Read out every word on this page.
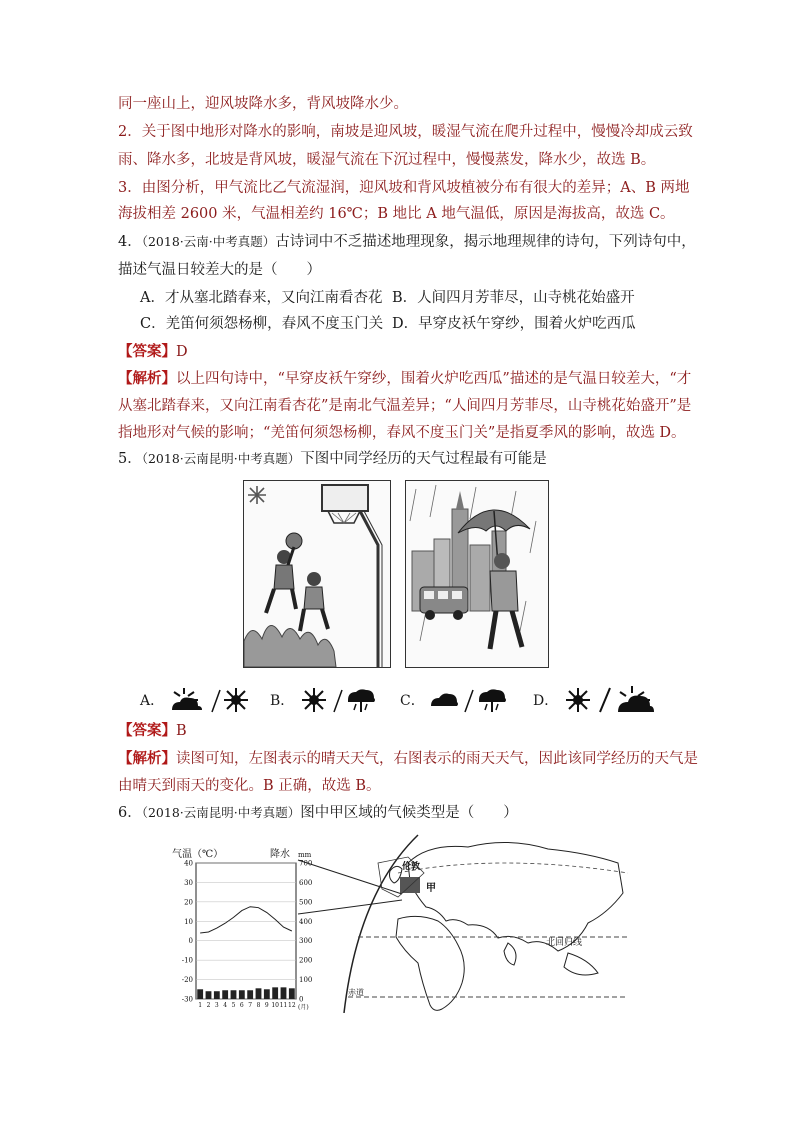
同一座山上，迎风坡降水多，背风坡降水少。
2．关于图中地形对降水的影响，南坡是迎风坡，暖湿气流在爬升过程中，慢慢冷却成云致
雨、降水多，北坡是背风坡，暖湿气流在下沉过程中，慢慢蒸发，降水少，故选 B。
3．由图分析，甲气流比乙气流湿润，迎风坡和背风坡植被分布有很大的差异；A、B 两地
海拔相差 2600 米，气温相差约 16℃；B 地比 A 地气温低，原因是海拔高，故选 C。
4．（2018·云南·中考真题）古诗词中不乏描述地理现象，揭示地理规律的诗句，下列诗句中，
描述气温日较差大的是（　　）
A．才从塞北踏春来，又向江南看杏花 B．人间四月芳菲尽，山寺桃花始盛开
C．羌笛何须怨杨柳，春风不度玉门关 D．早穿皮袄午穿纱，围着火炉吃西瓜
【答案】D
【解析】以上四句诗中，“早穿皮袄午穿纱，围着火炉吃西瓜”描述的是气温日较差大，“才
从塞北踏春来，又向江南看杏花”是南北气温差异；“人间四月芳菲尽，山寺桃花始盛开”是
指地形对气候的影响；“羌笛何须怨杨柳，春风不度玉门关”是指夏季风的影响，故选 D。
5．（2018·云南昆明·中考真题）下图中同学经历的天气过程最有可能是
A．	B．	C．	D．
【答案】B
【解析】读图可知，左图表示的晴天天气，右图表示的雨天天气，因此该同学经历的天气是
由晴天到雨天的变化。B 正确，故选 B。
6．（2018·云南昆明·中考真题）图中甲区域的气候类型是（　　）
气温（℃）	降水 mm
40
30
20
10
0
-10
-20
-30
700
600
500
400
300
200
100
0
1 2 3 4 5 6 7 8 9 10 11 12 (月)
北回归线
赤道
伦敦
甲
